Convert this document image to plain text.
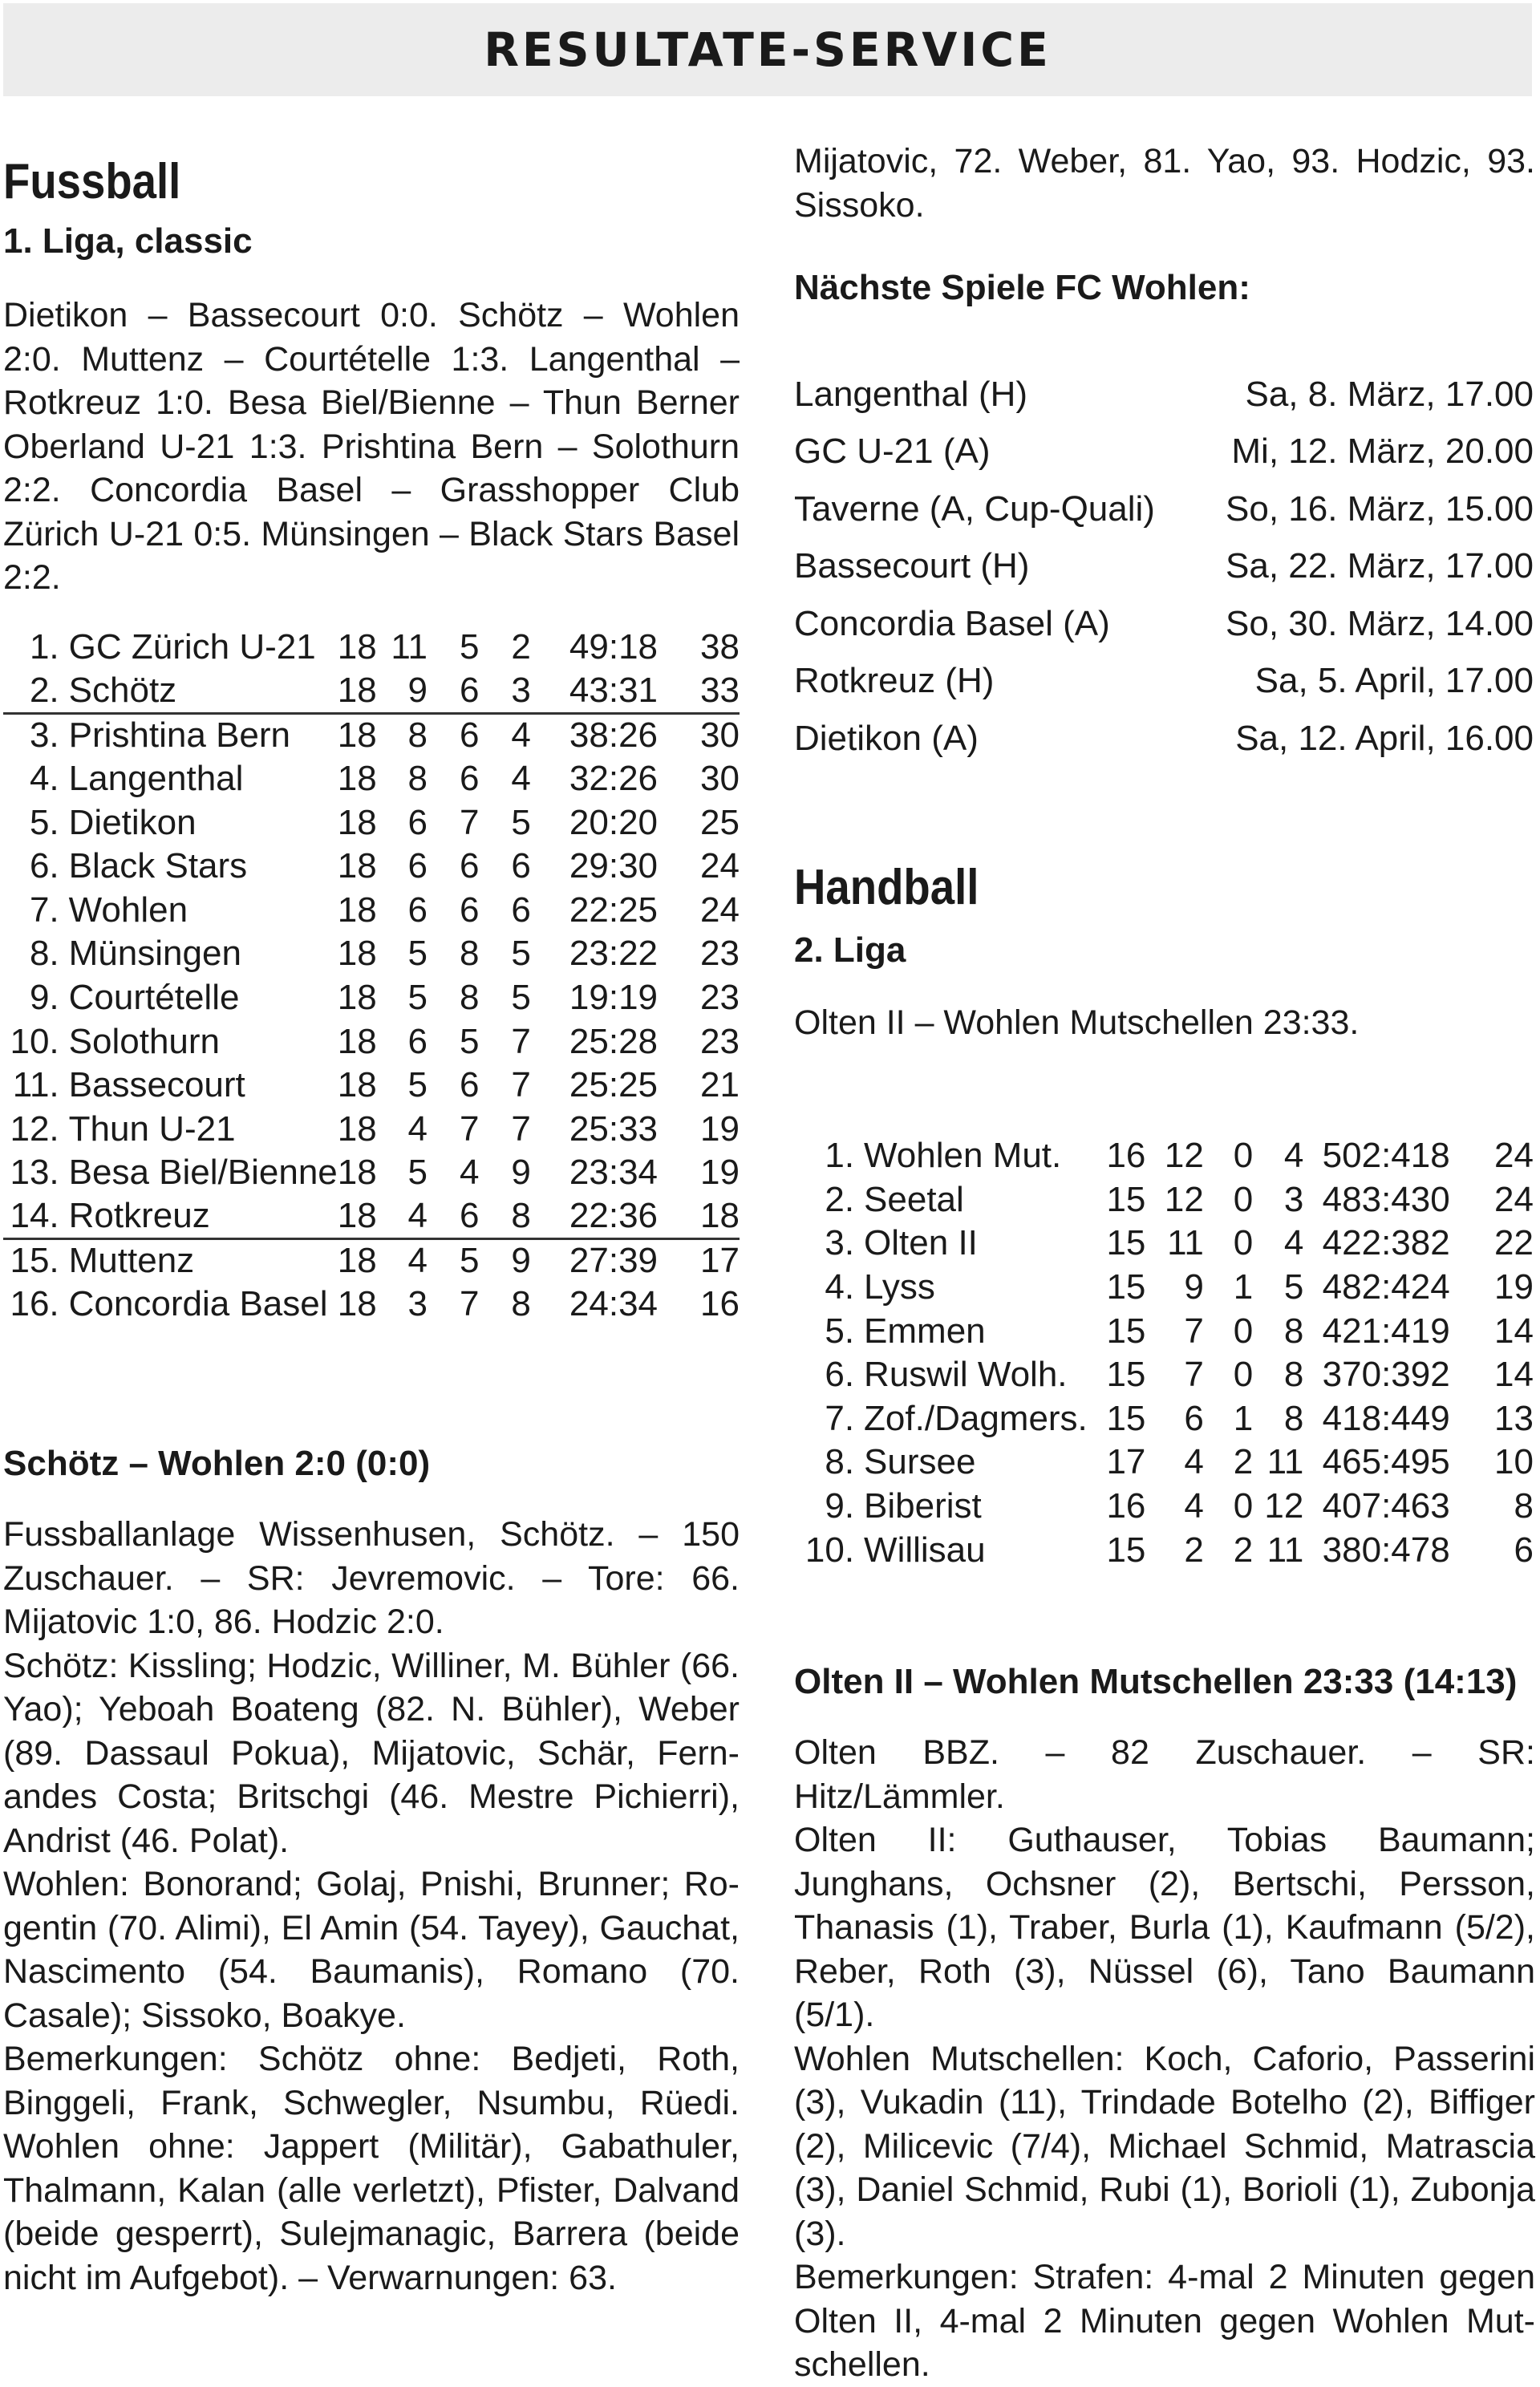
RESULTATE-SERVICE
Fussball
1. Liga, classic
Dietikon – Bassecourt 0:0. Schötz – Wohlen 2:0. Muttenz – Courtételle 1:3. Langenthal – Rotkreuz 1:0. Besa Biel/Bienne – Thun Berner Oberland U-21 1:3. Prishtina Bern – Solothurn 2:2. Concordia Basel – Grasshopper Club Zürich U-21 0:5. Münsingen – Black Stars Basel 2:2.
1.	GC Zürich U-21	18	11	5	2	49:18	38
2.	Schötz	18	9	6	3	43:31	33
3.	Prishtina Bern	18	8	6	4	38:26	30
4.	Langenthal	18	8	6	4	32:26	30
5.	Dietikon	18	6	7	5	20:20	25
6.	Black Stars	18	6	6	6	29:30	24
7.	Wohlen	18	6	6	6	22:25	24
8.	Münsingen	18	5	8	5	23:22	23
9.	Courtételle	18	5	8	5	19:19	23
10.	Solothurn	18	6	5	7	25:28	23
11.	Bassecourt	18	5	6	7	25:25	21
12.	Thun U-21	18	4	7	7	25:33	19
13.	Besa Biel/Bienne	18	5	4	9	23:34	19
14.	Rotkreuz	18	4	6	8	22:36	18
15.	Muttenz	18	4	5	9	27:39	17
16.	Concordia Basel	18	3	7	8	24:34	16
Schötz – Wohlen 2:0 (0:0)
Fussballanlage Wissenhusen, Schötz. – 150 Zuschauer. – SR: Jevremovic. – Tore: 66. Mijatovic 1:0, 86. Hodzic 2:0.
Schötz: Kissling; Hodzic, Williner, M. Bühler (66. Yao); Yeboah Boateng (82. N. Bühler), Weber (89. Dassaul Pokua), Mijatovic, Schär, Fernandes Costa; Britschgi (46. Mestre Pichierri), Andrist (46. Polat).
Wohlen: Bonorand; Golaj, Pnishi, Brunner; Rogentin (70. Alimi), El Amin (54. Tayey), Gauchat, Nascimento (54. Baumanis), Romano (70. Casale); Sissoko, Boakye.
Bemerkungen: Schötz ohne: Bedjeti, Roth, Binggeli, Frank, Schwegler, Nsumbu, Rüedi. Wohlen ohne: Jappert (Militär), Gabathuler, Thalmann, Kalan (alle verletzt), Pfister, Dalvand (beide gesperrt), Sulejmanagic, Barrera (beide nicht im Aufgebot). – Verwarnungen: 63.
Mijatovic, 72. Weber, 81. Yao, 93. Hodzic, 93. Sissoko.
Nächste Spiele FC Wohlen:
Langenthal (H)	Sa, 8. März, 17.00
GC U-21 (A)	Mi, 12. März, 20.00
Taverne (A, Cup-Quali)	So, 16. März, 15.00
Bassecourt (H)	Sa, 22. März, 17.00
Concordia Basel (A)	So, 30. März, 14.00
Rotkreuz (H)	Sa, 5. April, 17.00
Dietikon (A)	Sa, 12. April, 16.00
Handball
2. Liga
Olten II – Wohlen Mutschellen 23:33.
1.	Wohlen Mut.	16	12	0	4	502:418	24
2.	Seetal	15	12	0	3	483:430	24
3.	Olten II	15	11	0	4	422:382	22
4.	Lyss	15	9	1	5	482:424	19
5.	Emmen	15	7	0	8	421:419	14
6.	Ruswil Wolh.	15	7	0	8	370:392	14
7.	Zof./Dagmers.	15	6	1	8	418:449	13
8.	Sursee	17	4	2	11	465:495	10
9.	Biberist	16	4	0	12	407:463	8
10.	Willisau	15	2	2	11	380:478	6
Olten II – Wohlen Mutschellen 23:33 (14:13)
Olten BBZ. – 82 Zuschauer. – SR: Hitz/Lämmler.
Olten II: Guthauser, Tobias Baumann; Junghans, Ochsner (2), Bertschi, Persson, Thanasis (1), Traber, Burla (1), Kaufmann (5/2), Reber, Roth (3), Nüssel (6), Tano Baumann (5/1).
Wohlen Mutschellen: Koch, Caforio, Passerini (3), Vukadin (11), Trindade Botelho (2), Biffiger (2), Milicevic (7/4), Michael Schmid, Matrascia (3), Daniel Schmid, Rubi (1), Borioli (1), Zubonja (3).
Bemerkungen: Strafen: 4-mal 2 Minuten gegen Olten II, 4-mal 2 Minuten gegen Wohlen Mutschellen.
